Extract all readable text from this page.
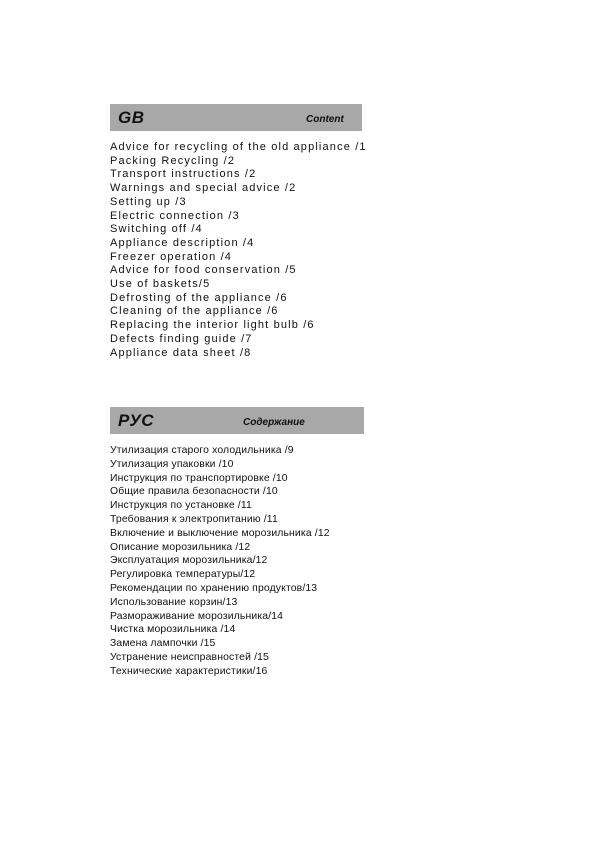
GB	Content
Advice for recycling of the old appliance /1
Packing Recycling /2
Transport instructions /2
Warnings and special advice /2
Setting up /3
Electric connection /3
Switching off /4
Appliance description /4
Freezer operation /4
Advice for food conservation /5
Use of baskets/5
Defrosting of the appliance /6
Cleaning of the appliance /6
Replacing the interior light bulb /6
Defects finding guide /7
Appliance data sheet /8
РУС	Содержание
Утилизация старого холодильника /9
Утилизация упаковки /10
Инструкция по транспортировке /10
Общие правила безопасности /10
Инструкция по установке /11
Требования к электропитанию /11
Включение и выключение морозильника /12
Описание морозильника /12
Эксплуатация морозильника/12
Регулировка температуры/12
Рекомендации по хранению продуктов/13
Использование корзин/13
Размораживание морозильника/14
Чистка морозильника /14
Замена лампочки /15
Устранение неисправностей /15
Технические характеристики/16
